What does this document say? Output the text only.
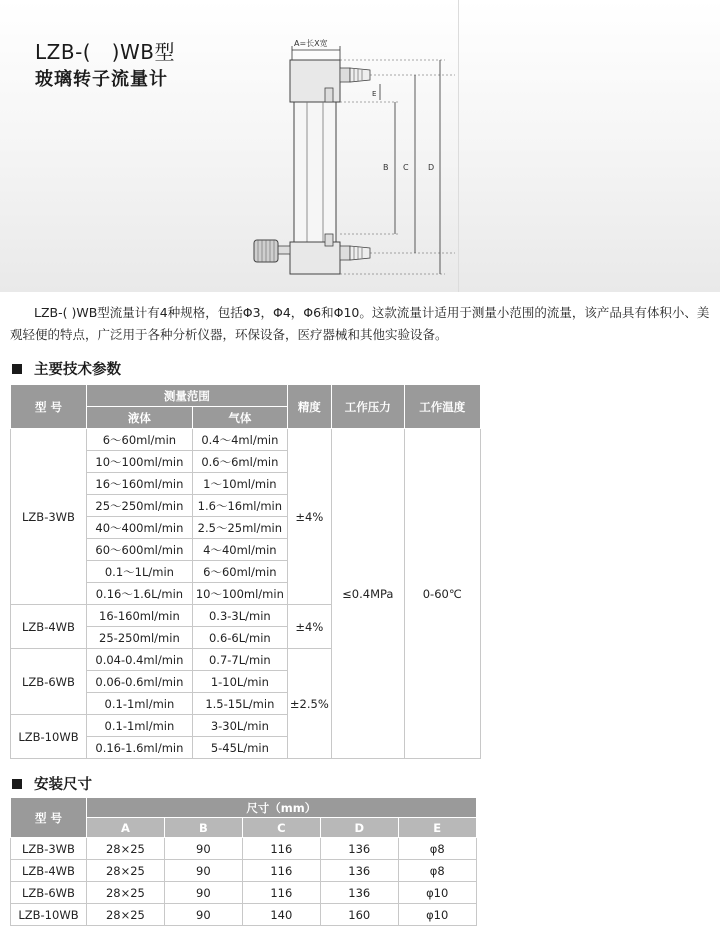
LZB-(   )WB型
玻璃转子流量计
A=长X宽
E
B C D
LZB-( )WB型流量计有4种规格，包括Φ3，Φ4，Φ6和Φ10。这款流量计适用于测量小范围的流量，该产品具有体积小、美观轻便的特点，广泛用于各种分析仪器，环保设备，医疗器械和其他实验设备。
主要技术参数
型 号	测量范围		精度	工作压力	工作温度	
	液体	气体				
LZB-3WB	6～60ml/min	0.4～4ml/min	±4%	≤0.4MPa	0-60℃	
	10～100ml/min	0.6～6ml/min				
	16～160ml/min	1～10ml/min				
	25～250ml/min	1.6～16ml/min				
	40～400ml/min	2.5～25ml/min				
	60～600ml/min	4～40ml/min				
	0.1～1L/min	6～60ml/min				
	0.16～1.6L/min	10～100ml/min				
LZB-4WB	16-160ml/min	0.3-3L/min	±4%			
	25-250ml/min	0.6-6L/min				
LZB-6WB	0.04-0.4ml/min	0.7-7L/min	±2.5%			
	0.06-0.6ml/min	1-10L/min				
	0.1-1ml/min	1.5-15L/min				
LZB-10WB	0.1-1ml/min	3-30L/min				
	0.16-1.6ml/min	5-45L/min				
安装尺寸
型 号	尺寸（mm）					
	A	B	C	D	E	
LZB-3WB	28×25	90	116	136	φ8	
LZB-4WB	28×25	90	116	136	φ8	
LZB-6WB	28×25	90	116	136	φ10	
LZB-10WB	28×25	90	140	160	φ10	
